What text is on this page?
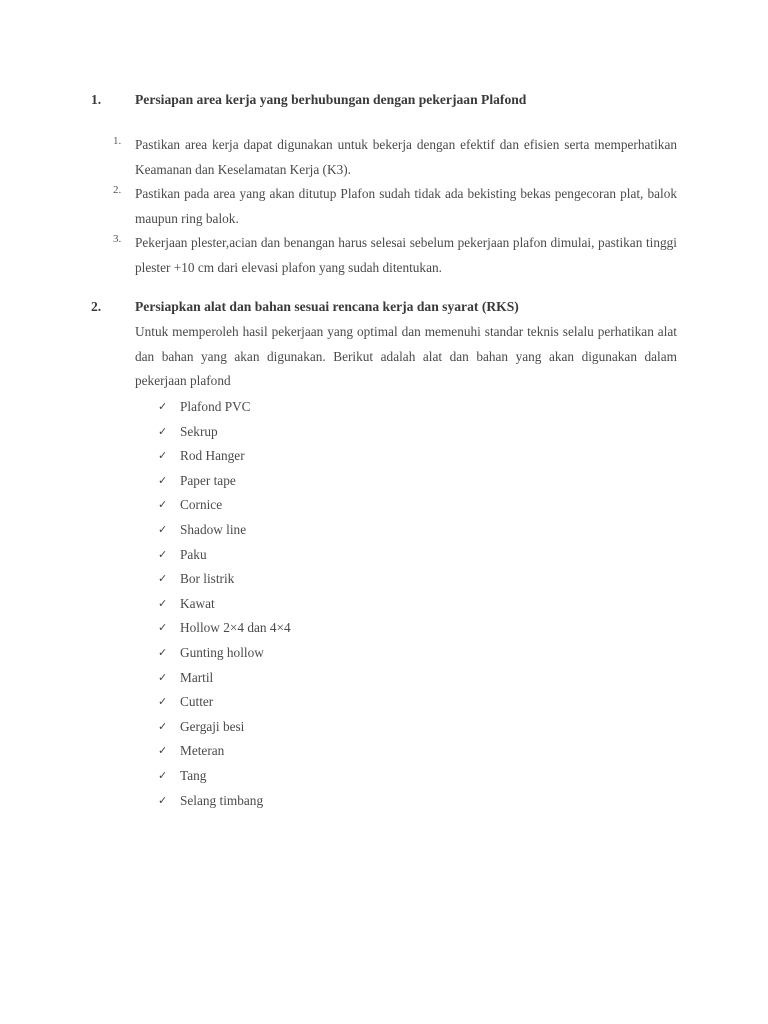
1. Persiapan area kerja yang berhubungan dengan pekerjaan Plafond
1. Pastikan area kerja dapat digunakan untuk bekerja dengan efektif dan efisien serta memperhatikan Keamanan dan Keselamatan Kerja (K3).
2. Pastikan pada area yang akan ditutup Plafon sudah tidak ada bekisting bekas pengecoran plat, balok maupun ring balok.
3. Pekerjaan plester,acian dan benangan harus selesai sebelum pekerjaan plafon dimulai, pastikan tinggi plester +10 cm dari elevasi plafon yang sudah ditentukan.
2. Persiapkan alat dan bahan sesuai rencana kerja dan syarat (RKS)
Untuk memperoleh hasil pekerjaan yang optimal dan memenuhi standar teknis selalu perhatikan alat dan bahan yang akan digunakan. Berikut adalah alat dan bahan yang akan digunakan dalam pekerjaan plafond
✓ Plafond PVC
✓ Sekrup
✓ Rod Hanger
✓ Paper tape
✓ Cornice
✓ Shadow line
✓ Paku
✓ Bor listrik
✓ Kawat
✓ Hollow 2×4 dan 4×4
✓ Gunting hollow
✓ Martil
✓ Cutter
✓ Gergaji besi
✓ Meteran
✓ Tang
✓ Selang timbang
